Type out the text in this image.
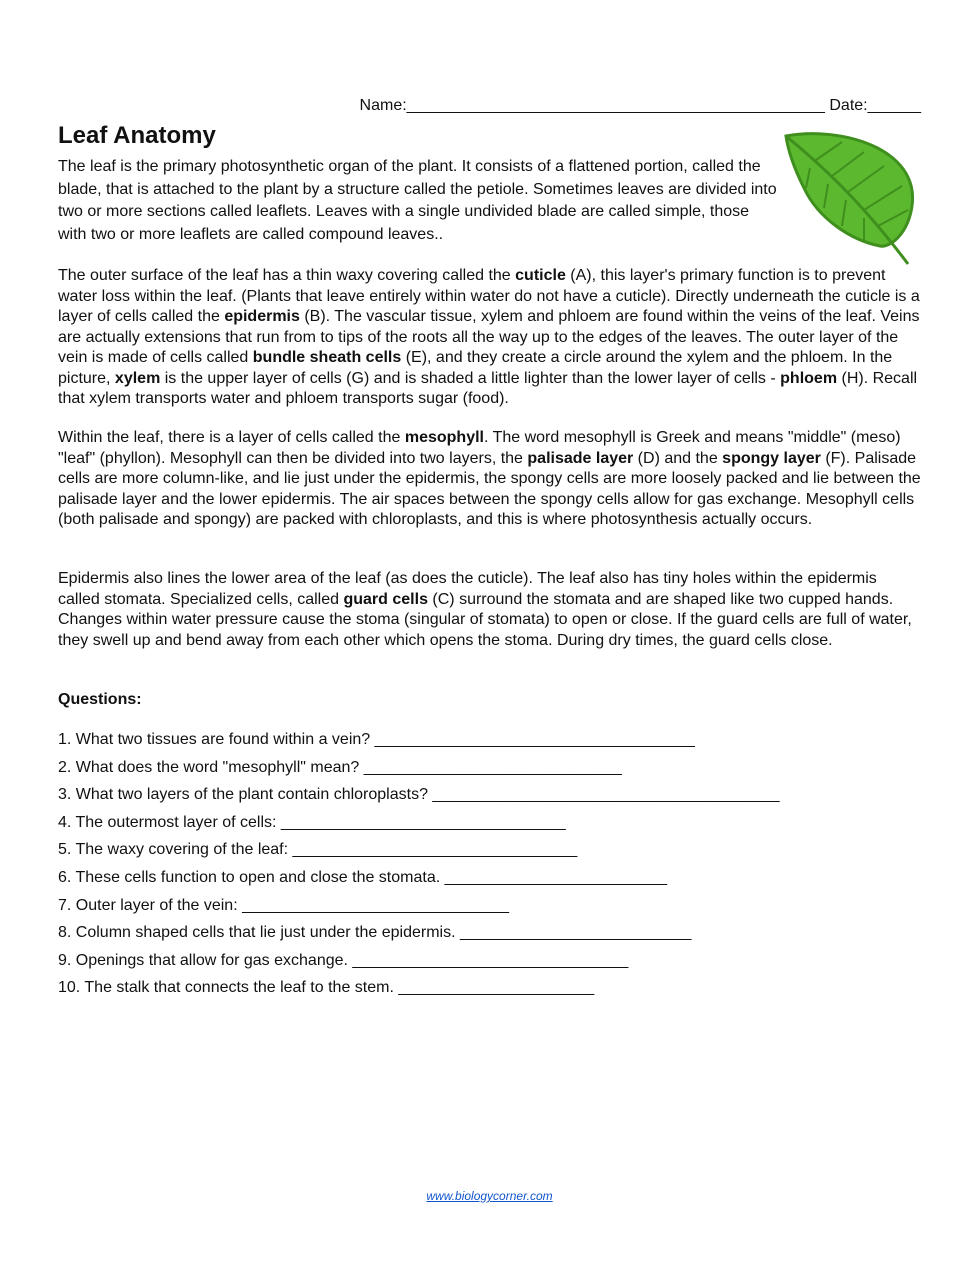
Name:_______________________________________________ Date:______
Leaf Anatomy

The leaf is the primary photosynthetic organ of the plant. It consists of a flattened portion, called the blade, that is attached to the plant by a structure called the petiole. Sometimes leaves are divided into two or more sections called leaflets. Leaves with a single undivided blade are called simple, those with two or more leaflets are called compound leaves..

The outer surface of the leaf has a thin waxy covering called the cuticle (A), this layer's primary function is to prevent water loss within the leaf. (Plants that leave entirely within water do not have a cuticle). Directly underneath the cuticle is a layer of cells called the epidermis (B). The vascular tissue, xylem and phloem are found within the veins of the leaf. Veins are actually extensions that run from to tips of the roots all the way up to the edges of the leaves. The outer layer of the vein is made of cells called bundle sheath cells (E), and they create a circle around the xylem and the phloem. In the picture, xylem is the upper layer of cells (G) and is shaded a little lighter than the lower layer of cells - phloem (H). Recall that xylem transports water and phloem transports sugar (food).

Within the leaf, there is a layer of cells called the mesophyll. The word mesophyll is Greek and means "middle" (meso) "leaf" (phyllon). Mesophyll can then be divided into two layers, the palisade layer (D) and the spongy layer (F). Palisade cells are more column-like, and lie just under the epidermis, the spongy cells are more loosely packed and lie between the palisade layer and the lower epidermis. The air spaces between the spongy cells allow for gas exchange. Mesophyll cells (both palisade and spongy) are packed with chloroplasts, and this is where photosynthesis actually occurs.

Epidermis also lines the lower area of the leaf (as does the cuticle). The leaf also has tiny holes within the epidermis called stomata. Specialized cells, called guard cells (C) surround the stomata and are shaped like two cupped hands. Changes within water pressure cause the stoma (singular of stomata) to open or close. If the guard cells are full of water, they swell up and bend away from each other which opens the stoma. During dry times, the guard cells close.

Questions:
1. What two tissues are found within a vein? ____________________________________
2. What does the word "mesophyll" mean? _____________________________
3. What two layers of the plant contain chloroplasts? _______________________________________
4. The outermost layer of cells: ________________________________
5. The waxy covering of the leaf: ________________________________
6. These cells function to open and close the stomata. _________________________
7. Outer layer of the vein: ______________________________
8. Column shaped cells that lie just under the epidermis. __________________________
9. Openings that allow for gas exchange. _______________________________
10. The stalk that connects the leaf to the stem. ______________________
www.biologycorner.com
